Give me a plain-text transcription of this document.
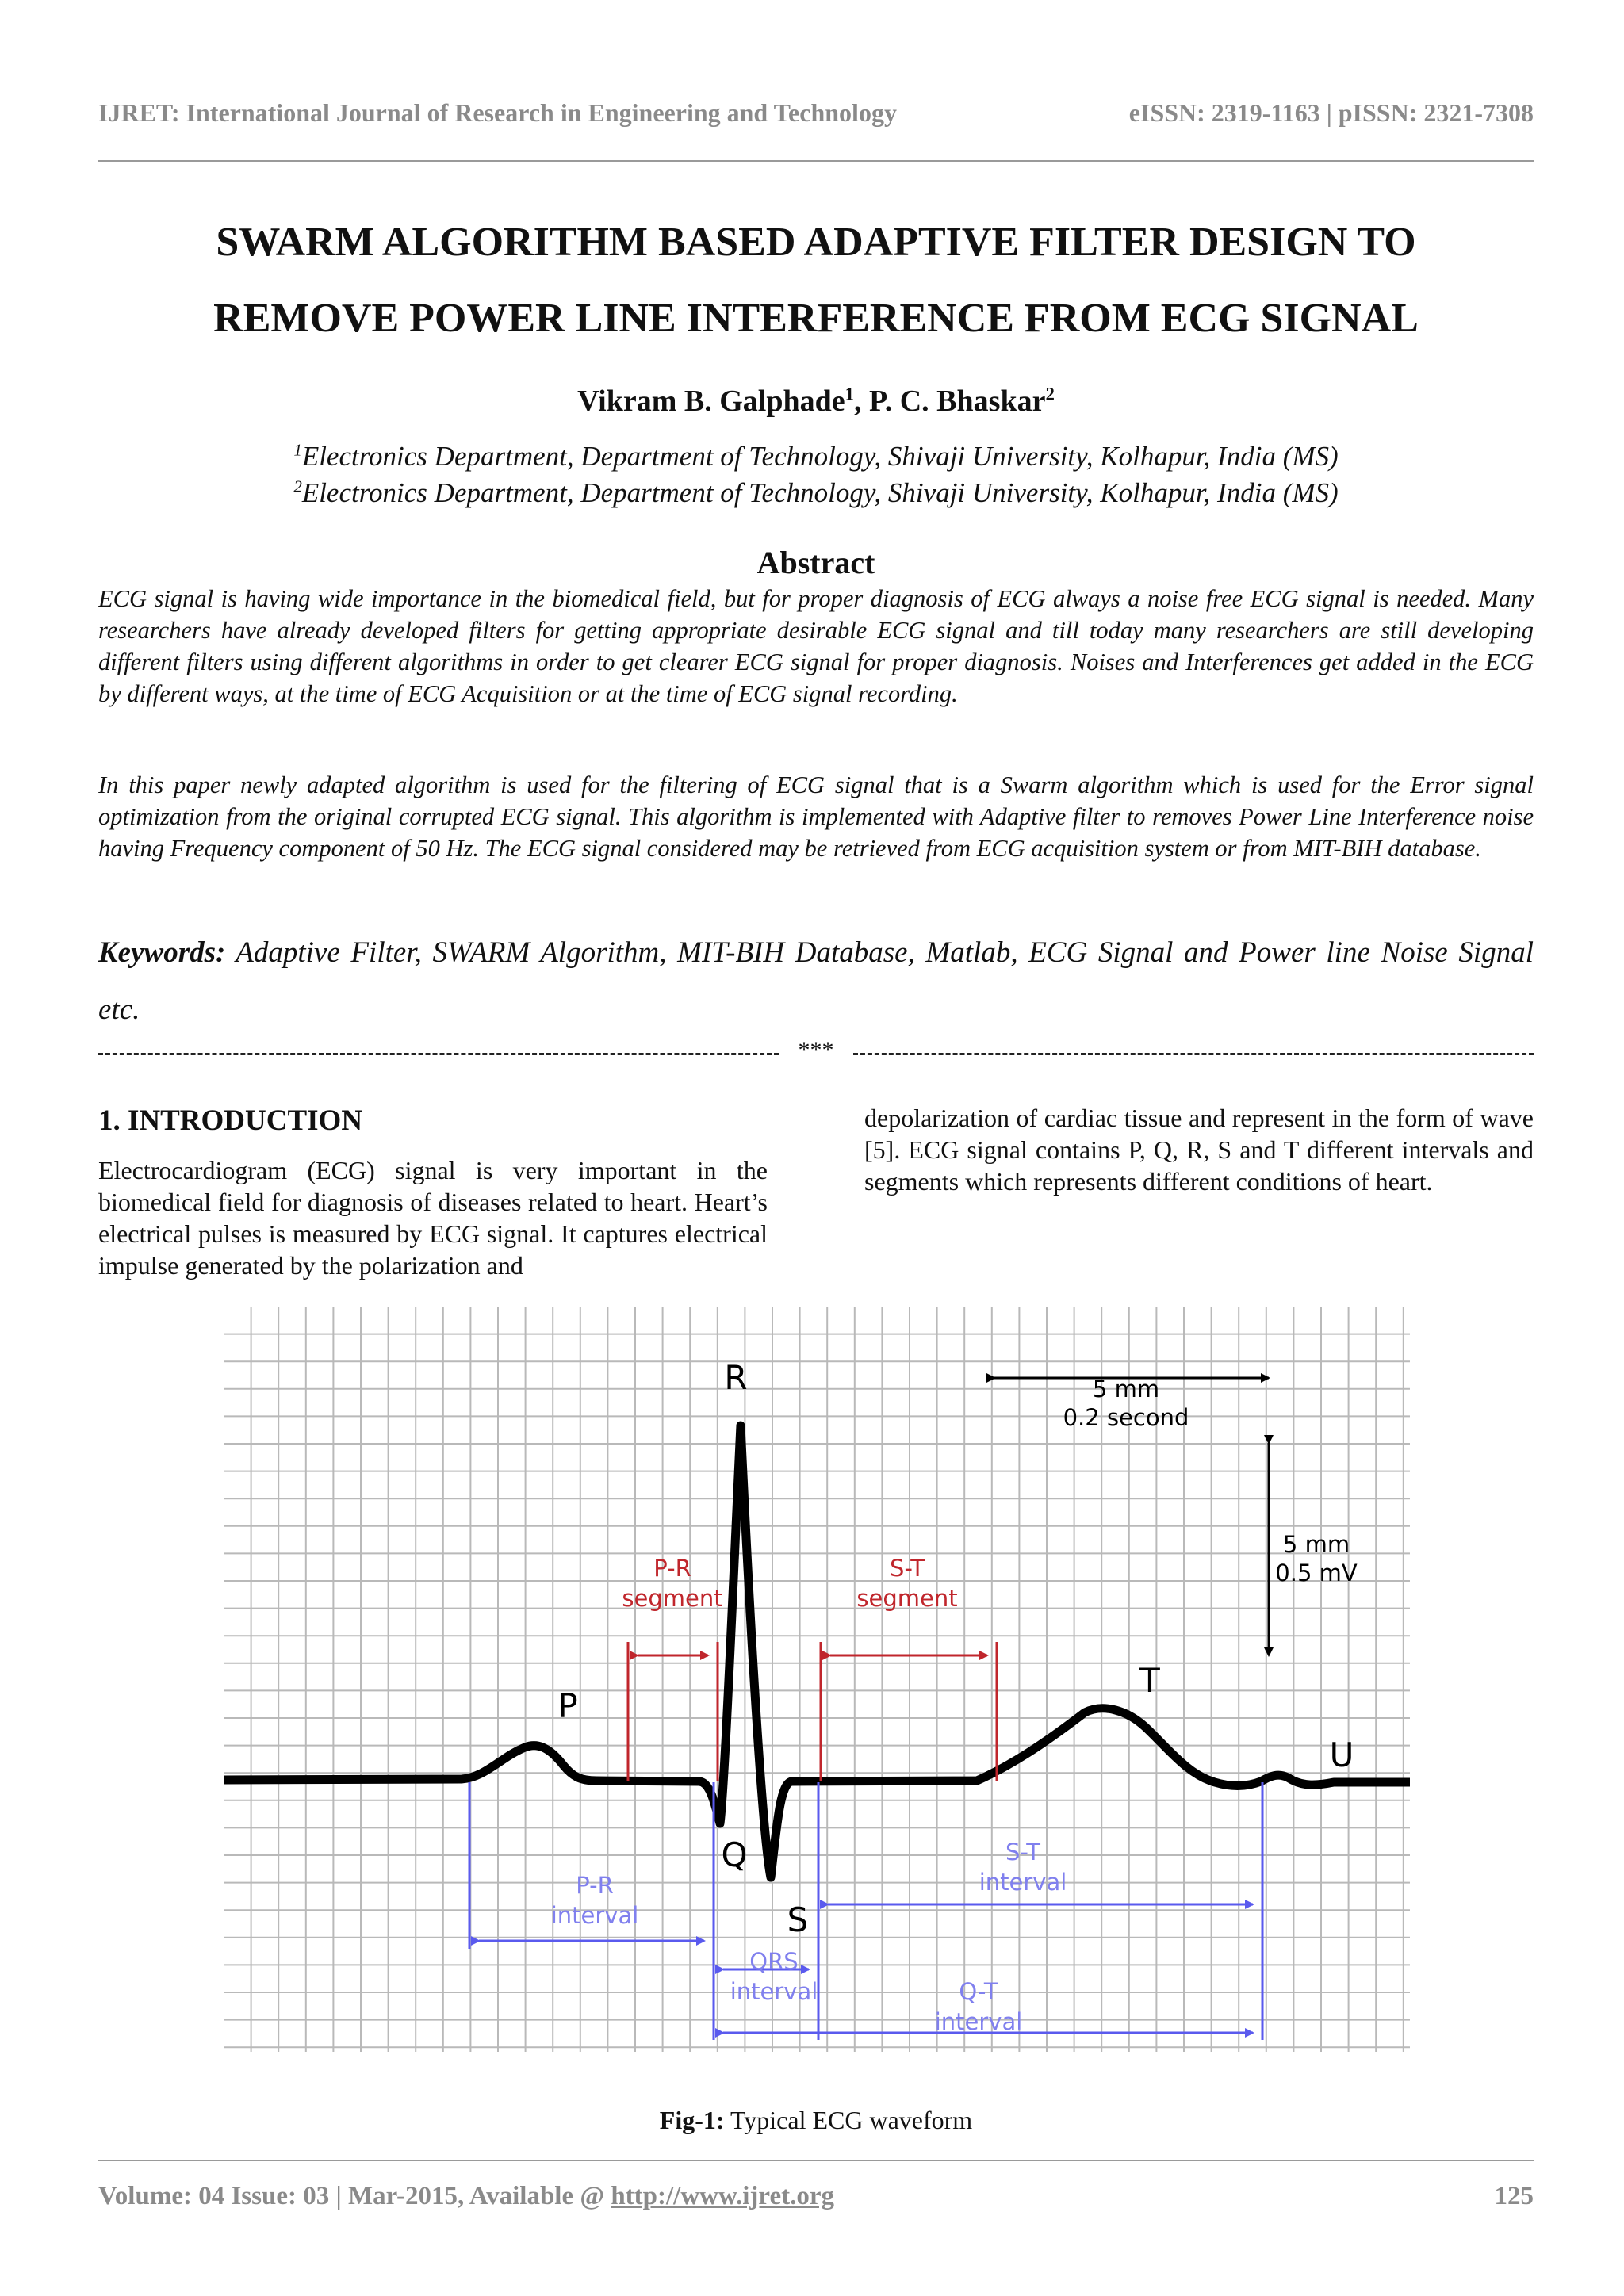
IJRET: International Journal of Research in Engineering and Technology	eISSN: 2319-1163 | pISSN: 2321-7308
SWARM ALGORITHM BASED ADAPTIVE FILTER DESIGN TO
REMOVE POWER LINE INTERFERENCE FROM ECG SIGNAL
Vikram B. Galphade$^1$, P. C. Bhaskar$^2$
$^1$Electronics Department, Department of Technology, Shivaji University, Kolhapur, India (MS)
$^2$Electronics Department, Department of Technology, Shivaji University, Kolhapur, India (MS)
Abstract

ECG signal is having wide importance in the biomedical field, but for proper diagnosis of ECG always a noise free ECG signal is needed. Many researchers have already developed filters for getting appropriate desirable ECG signal and till today many researchers are still developing different filters using different algorithms in order to get clearer ECG signal for proper diagnosis. Noises and Interferences get added in the ECG by different ways, at the time of ECG Acquisition or at the time of ECG signal recording.

In this paper newly adapted algorithm is used for the filtering of ECG signal that is a Swarm algorithm which is used for the Error signal optimization from the original corrupted ECG signal. This algorithm is implemented with Adaptive filter to removes Power Line Interference noise having Frequency component of 50 Hz. The ECG signal considered may be retrieved from ECG acquisition system or from MIT-BIH database.

Keywords: Adaptive Filter, SWARM Algorithm, MIT-BIH Database, Matlab, ECG Signal and Power line Noise Signal etc.

***
1. INTRODUCTION

Electrocardiogram (ECG) signal is very important in the biomedical field for diagnosis of diseases related to heart. Heart’s electrical pulses is measured by ECG signal. It captures electrical impulse generated by the polarization and

depolarization of cardiac tissue and represent in the form of wave [5]. ECG signal contains P, Q, R, S and T different intervals and segments which represents different conditions of heart.

5 mm
0.2 second
5 mm
0.5 mV
P-R
segment
S-T
segment
P-R
interval
S-T
interval
QRS
interval	Q-T
interval
P
R
Q
S
T
U
Fig-1: Typical ECG waveform
Volume: 04 Issue: 03 | Mar-2015, Available @ http://www.ijret.org	125
